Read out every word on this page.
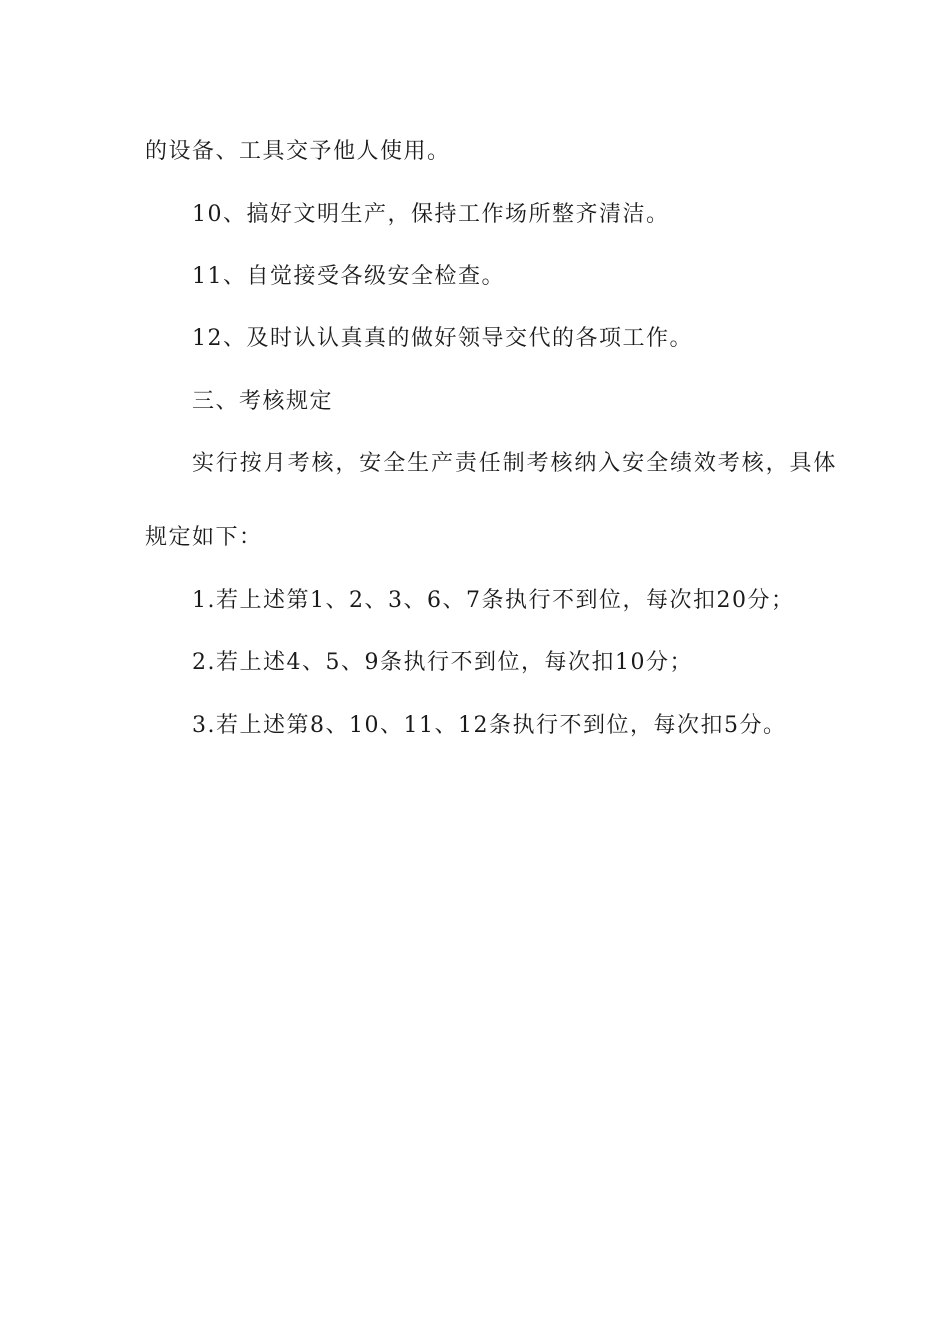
的设备、工具交予他人使用。
10、搞好文明生产，保持工作场所整齐清洁。
11、自觉接受各级安全检查。
12、及时认认真真的做好领导交代的各项工作。
三、考核规定
实行按月考核，安全生产责任制考核纳入安全绩效考核，具体
规定如下：
1.若上述第1、2、3、6、7条执行不到位，每次扣20分；
2.若上述4、5、9条执行不到位，每次扣10分；
3.若上述第8、10、11、12条执行不到位，每次扣5分。
